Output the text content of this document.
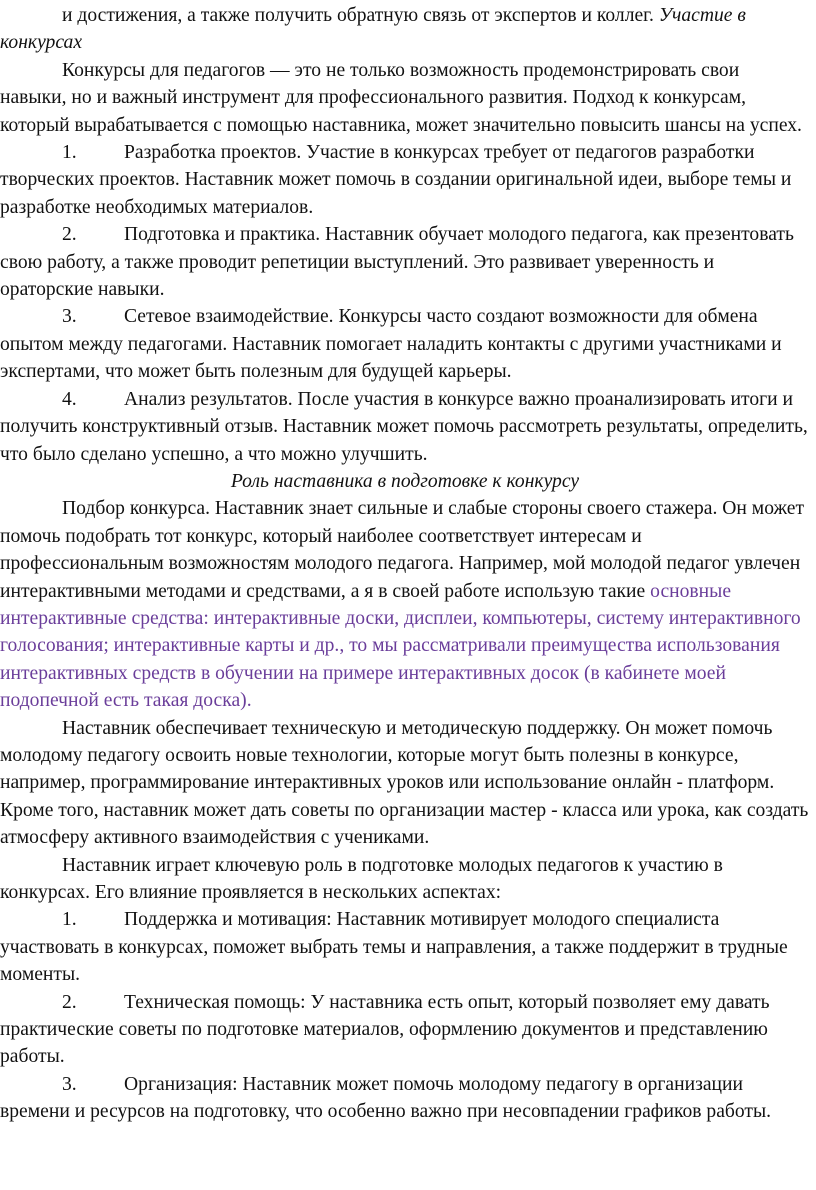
и достижения, а также получить обратную связь от экспертов и коллег. Участие в конкурсах

Конкурсы для педагогов — это не только возможность продемонстрировать свои навыки, но и важный инструмент для профессионального развития. Подход к конкурсам, который вырабатывается с помощью наставника, может значительно повысить шансы на успех.

1. Разработка проектов. Участие в конкурсах требует от педагогов разработки творческих проектов. Наставник может помочь в создании оригинальной идеи, выборе темы и разработке необходимых материалов.

2. Подготовка и практика. Наставник обучает молодого педагога, как презентовать свою работу, а также проводит репетиции выступлений. Это развивает уверенность и ораторские навыки.

3. Сетевое взаимодействие. Конкурсы часто создают возможности для обмена опытом между педагогами. Наставник помогает наладить контакты с другими участниками и экспертами, что может быть полезным для будущей карьеры.

4. Анализ результатов. После участия в конкурсе важно проанализировать итоги и получить конструктивный отзыв. Наставник может помочь рассмотреть результаты, определить, что было сделано успешно, а что можно улучшить.

Роль наставника в подготовке к конкурсу

Подбор конкурса. Наставник знает сильные и слабые стороны своего стажера. Он может помочь подобрать тот конкурс, который наиболее соответствует интересам и профессиональным возможностям молодого педагога. Например, мой молодой педагог увлечен интерактивными методами и средствами, а я в своей работе использую такие основные интерактивные средства: интерактивные доски, дисплеи, компьютеры, систему интерактивного голосования; интерактивные карты и др., то мы рассматривали преимущества использования интерактивных средств в обучении на примере интерактивных досок (в кабинете моей подопечной есть такая доска).

Наставник обеспечивает техническую и методическую поддержку. Он может помочь молодому педагогу освоить новые технологии, которые могут быть полезны в конкурсе, например, программирование интерактивных уроков или использование онлайн - платформ. Кроме того, наставник может дать советы по организации мастер - класса или урока, как создать атмосферу активного взаимодействия с учениками.

Наставник играет ключевую роль в подготовке молодых педагогов к участию в конкурсах. Его влияние проявляется в нескольких аспектах:

1. Поддержка и мотивация: Наставник мотивирует молодого специалиста участвовать в конкурсах, поможет выбрать темы и направления, а также поддержит в трудные моменты.

2. Техническая помощь: У наставника есть опыт, который позволяет ему давать практические советы по подготовке материалов, оформлению документов и представлению работы.

3. Организация: Наставник может помочь молодому педагогу в организации времени и ресурсов на подготовку, что особенно важно при несовпадении графиков работы.
